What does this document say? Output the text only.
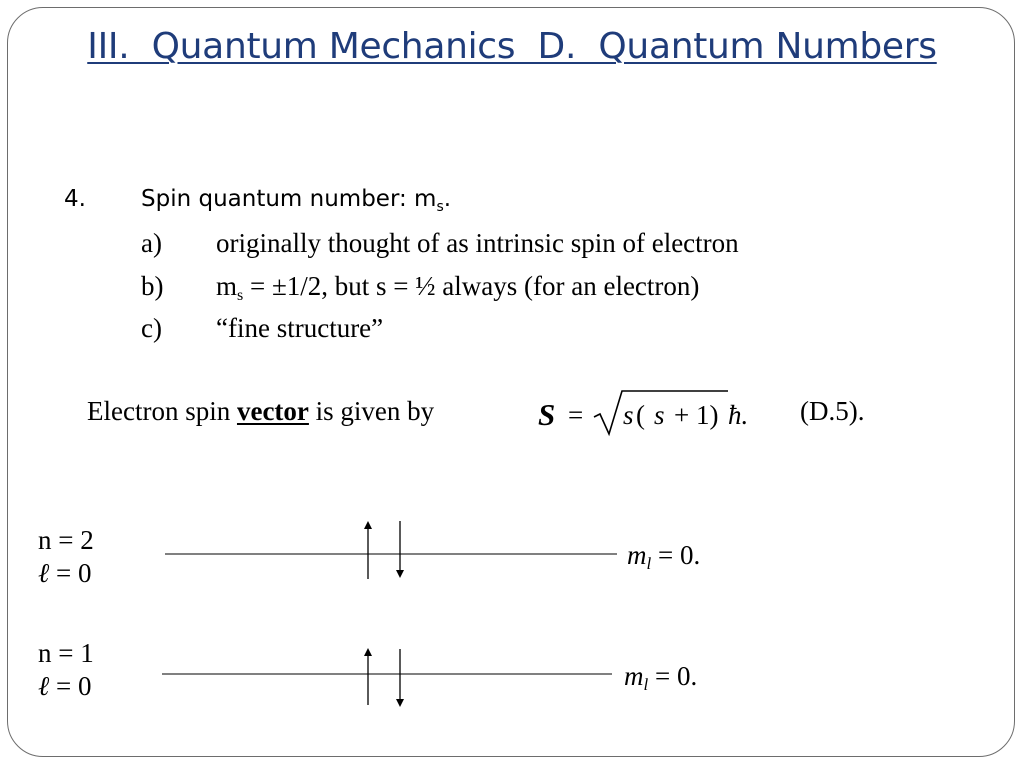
III.  Quantum Mechanics  D.  Quantum Numbers
4. Spin quantum number: $m_s$.
a) originally thought of as intrinsic spin of electron
b) $m_s = \pm 1/2$, but s = ½ always (for an electron)
c) “fine structure”
Electron spin vector is given by	S = s ( s + 1) ħ. (D.5).
n = 2
ℓ = 0
n = 1
ℓ = 0
$m_l = 0$.
$m_l = 0$.
